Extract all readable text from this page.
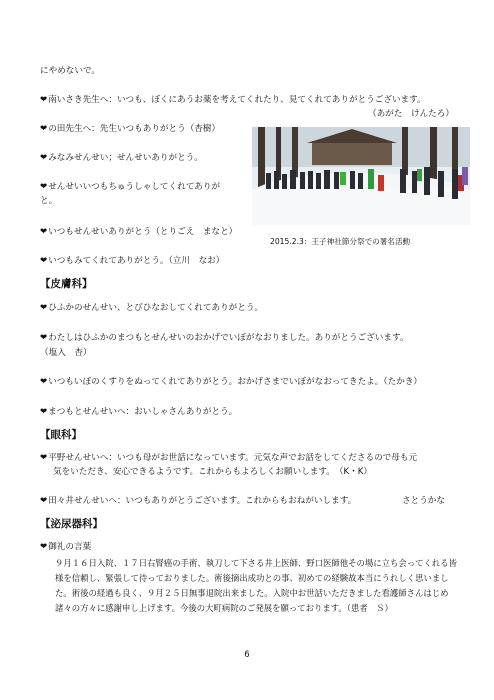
にやめないで。
❤南いさき先生へ：いつも、ぼくにあうお薬を考えてくれたり、見てくれてありがとうございます。
（あがた　けんたろ）
❤の田先生へ：先生いつもありがとう（杏樹）
❤みなみせんせい；せんせいありがとう。
❤せんせいいつもちゅうしゃしてくれてありが
と。
❤いつもせんせいありがとう（とりごえ　まなと）
❤いつもみてくれてありがとう。（立川　なお）
2015.2.3：王子神社節分祭での署名活動
【皮膚科】
❤ひふかのせんせい、とびひなおしてくれてありがとう。
❤わたしはひふかのまつもとせんせいのおかげでいぼがなおりました。ありがとうございます。
（塩入　杏）
❤いつもいぼのくすりをぬってくれてありがとう。おかげさまでいぼがなおってきたよ。（たかき）
❤まつもとせんせいへ：おいしゃさんありがとう。
【眼科】
❤平野せんせいへ：いつも母がお世話になっています。元気な声でお話をしてくださるので母も元
気をいただき、安心できるようです。これからもよろしくお願いします。　（K・K）
❤田々井せんせいへ：いつもありがとうございます。これからもおねがいします。	さとうかな
【泌尿器科】
❤御礼の言葉
９月１６日入院、１７日右腎癌の手術、執刀して下さる井上医師、野口医師他その場に立ち会ってくれる皆様を信頼し、緊張して待っておりました。術後摘出成功との事、初めての経験故本当にうれしく思いました。術後の経過も良く、９月２５日無事退院出来ました。入院中お世話いただきました看護師さんはじめ諸々の方々に感謝申し上げます。今後の大町病院のご発展を願っております。（患者　Ｓ）
6
